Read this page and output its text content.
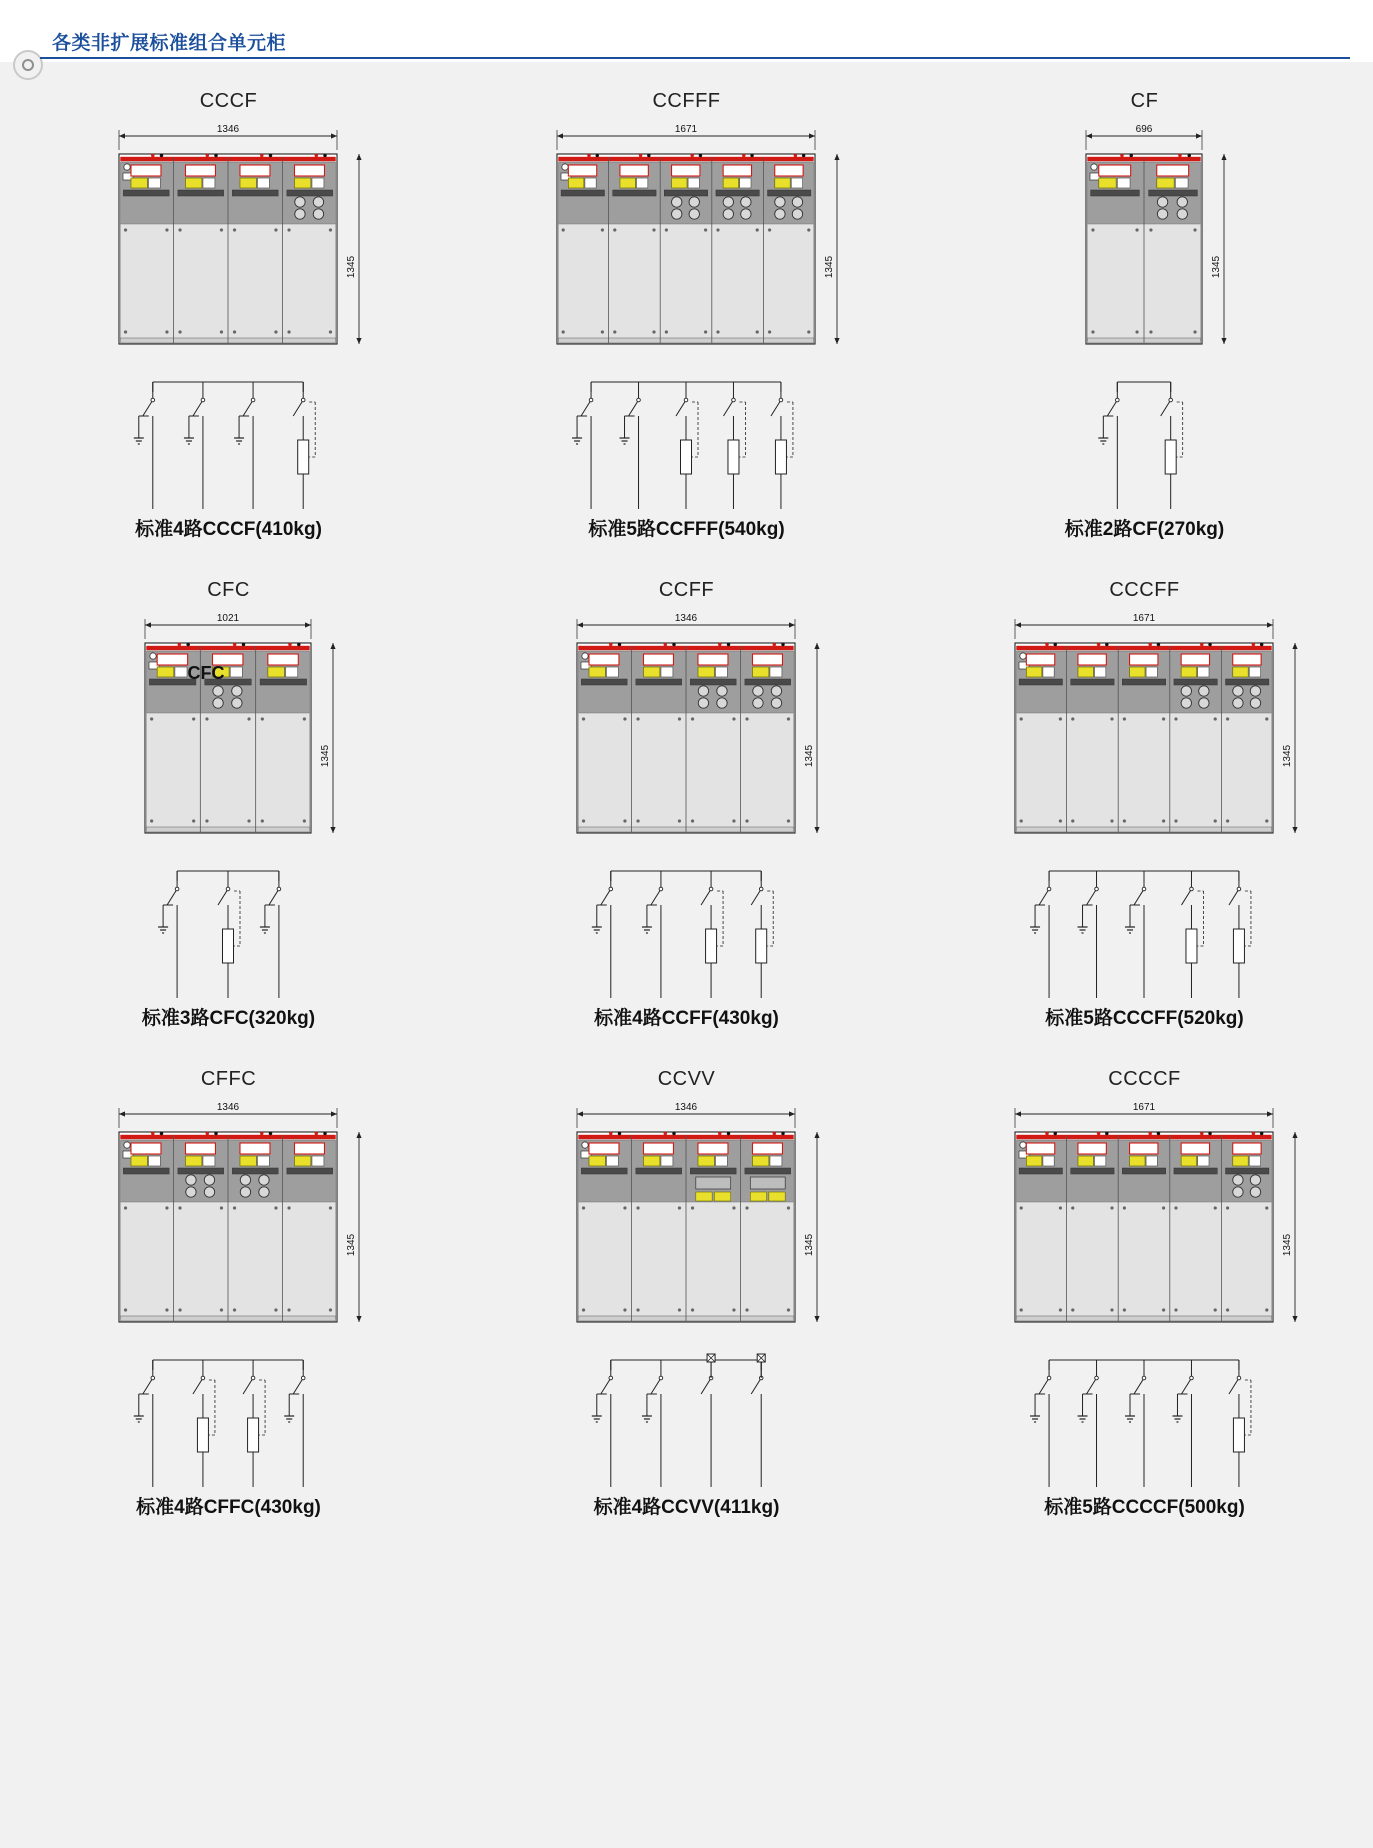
各类非扩展标准组合单元柜
CCCF
1346
1345
标准4路CCCF(410kg)
CCFFF
1671
1345
标准5路CCFFF(540kg)
CF
696
1345
标准2路CF(270kg)
CFC
1021
1345
CFC
标准3路CFC(320kg)
CCFF
1346
1345
标准4路CCFF(430kg)
CCCFF
1671
1345
标准5路CCCFF(520kg)
CFFC
1346
1345
标准4路CFFC(430kg)
CCVV
1346
1345
标准4路CCVV(411kg)
CCCCF
1671
1345
标准5路CCCCF(500kg)
